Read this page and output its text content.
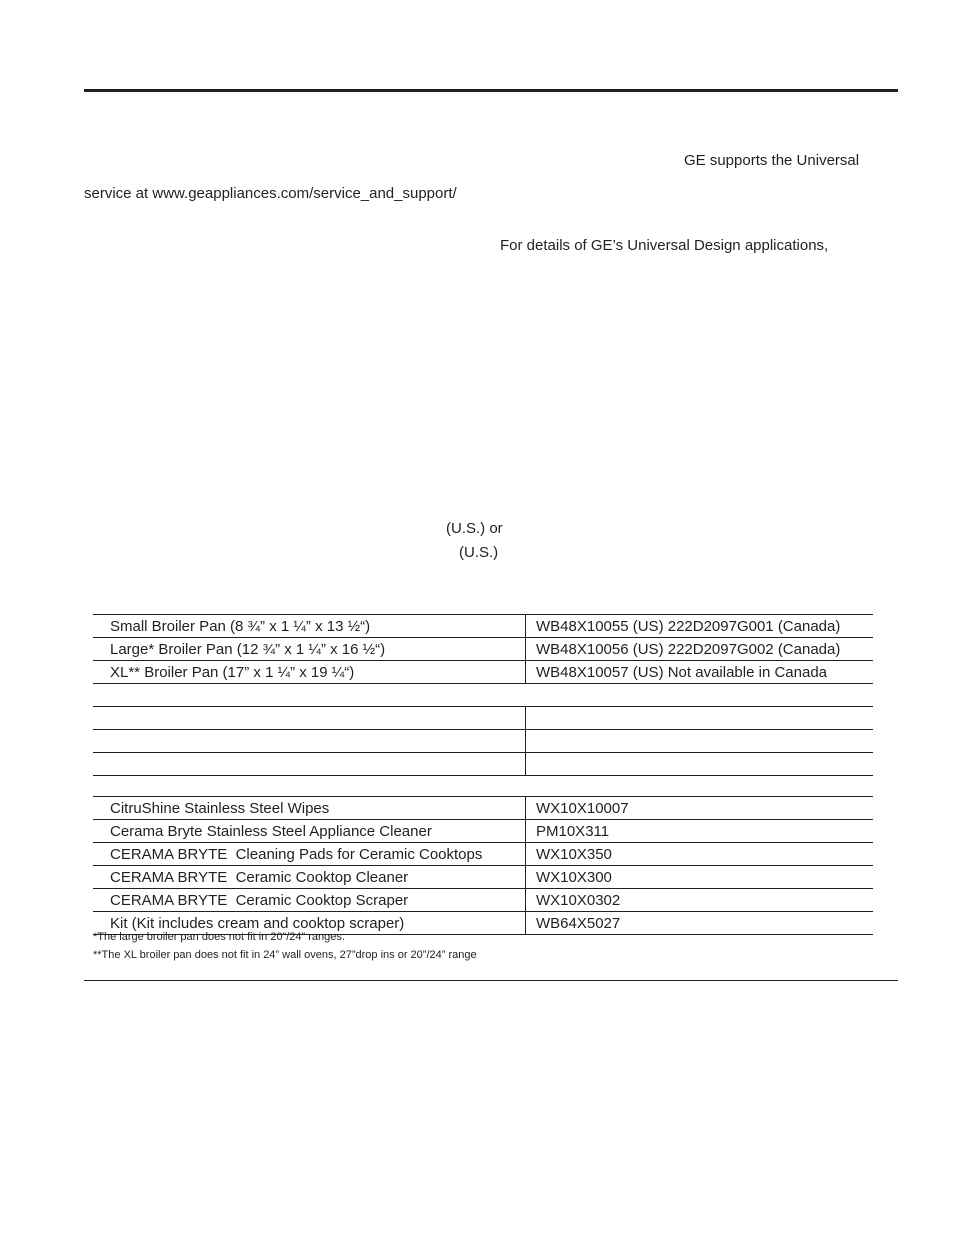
GE supports the Universal
service at www.geappliances.com/service_and_support/
For details of GE’s Universal Design applications,
(U.S.) or
(U.S.)
Small Broiler Pan (8 ¾” x 1 ¼” x 13 ½“)	WB48X10055 (US) 222D2097G001 (Canada)
Large* Broiler Pan (12 ¾” x 1 ¼” x 16 ½“)	WB48X10056 (US) 222D2097G002 (Canada)
XL** Broiler Pan (17” x 1 ¼” x 19 ¼“)	WB48X10057 (US) Not available in Canada

CitruShine Stainless Steel Wipes	WX10X10007
Cerama Bryte Stainless Steel Appliance Cleaner	PM10X311
CERAMA BRYTE  Cleaning Pads for Ceramic Cooktops	WX10X350
CERAMA BRYTE  Ceramic Cooktop Cleaner	WX10X300
CERAMA BRYTE  Ceramic Cooktop Scraper	WX10X0302
Kit (Kit includes cream and cooktop scraper)	WB64X5027
*The large broiler pan does not fit in 20”/24” ranges.
**The XL broiler pan does not fit in 24” wall ovens, 27”drop ins or 20”/24” range
